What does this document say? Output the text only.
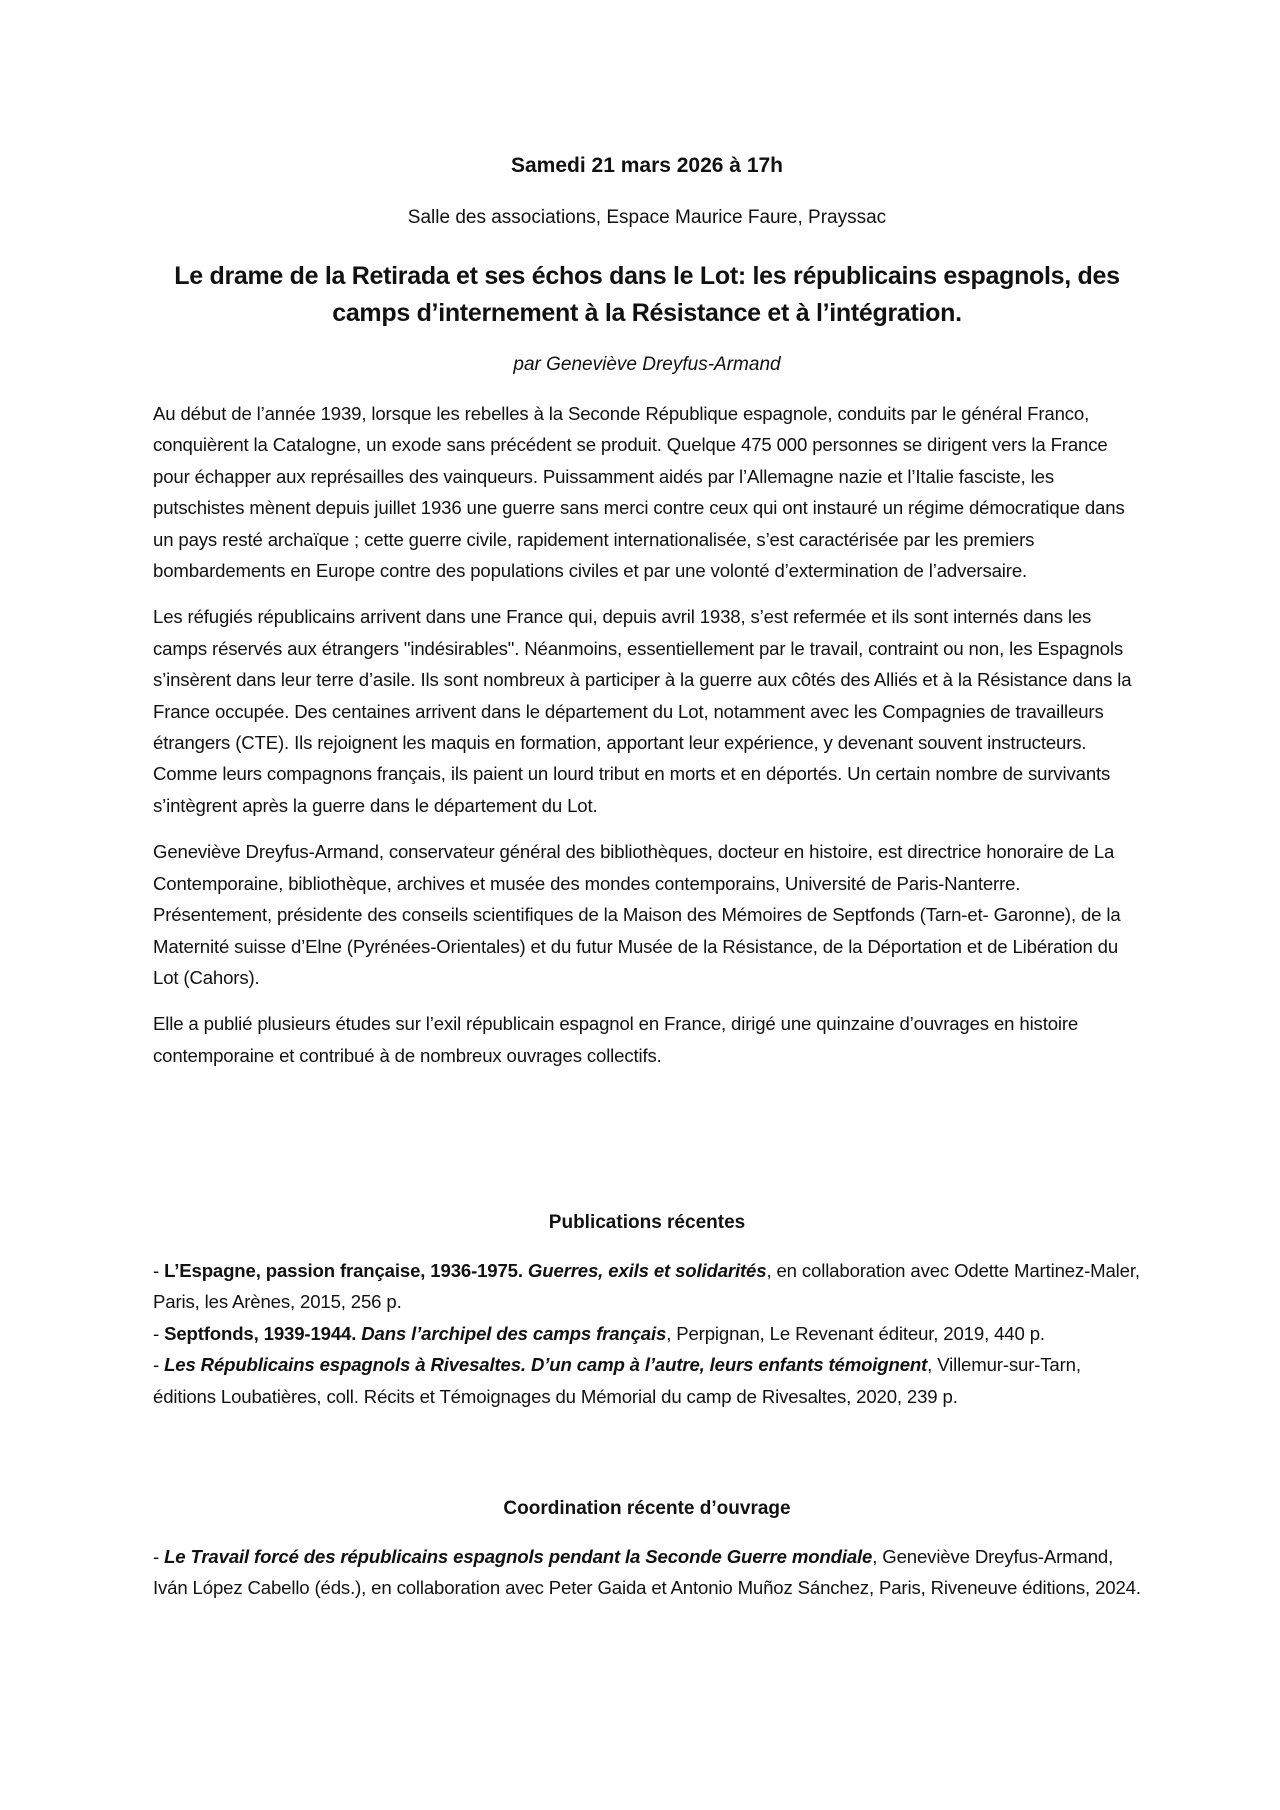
Samedi 21 mars 2026 à 17h
Salle des associations, Espace Maurice Faure, Prayssac
Le drame de la Retirada et ses échos dans le Lot: les républicains espagnols, des camps d’internement à la Résistance et à l’intégration.
par Geneviève Dreyfus-Armand

Au début de l’année 1939, lorsque les rebelles à la Seconde République espagnole, conduits par le général Franco, conquièrent la Catalogne, un exode sans précédent se produit. Quelque 475 000 personnes se dirigent vers la France pour échapper aux représailles des vainqueurs. Puissamment aidés par l’Allemagne nazie et l’Italie fasciste, les putschistes mènent depuis juillet 1936 une guerre sans merci contre ceux qui ont instauré un régime démocratique dans un pays resté archaïque ; cette guerre civile, rapidement internationalisée, s’est caractérisée par les premiers bombardements en Europe contre des populations civiles et par une volonté d’extermination de l’adversaire.

Les réfugiés républicains arrivent dans une France qui, depuis avril 1938, s’est refermée et ils sont internés dans les camps réservés aux étrangers "indésirables". Néanmoins, essentiellement par le travail, contraint ou non, les Espagnols s’insèrent dans leur terre d’asile. Ils sont nombreux à participer à la guerre aux côtés des Alliés et à la Résistance dans la France occupée. Des centaines arrivent dans le département du Lot, notamment avec les Compagnies de travailleurs étrangers (CTE). Ils rejoignent les maquis en formation, apportant leur expérience, y devenant souvent instructeurs. Comme leurs compagnons français, ils paient un lourd tribut en morts et en déportés. Un certain nombre de survivants s’intègrent après la guerre dans le département du Lot.

Geneviève Dreyfus-Armand, conservateur général des bibliothèques, docteur en histoire, est directrice honoraire de La Contemporaine, bibliothèque, archives et musée des mondes contemporains, Université de Paris-Nanterre. Présentement, présidente des conseils scientifiques de la Maison des Mémoires de Septfonds (Tarn-et- Garonne), de la Maternité suisse d’Elne (Pyrénées-Orientales) et du futur Musée de la Résistance, de la Déportation et de Libération du Lot (Cahors).

Elle a publié plusieurs études sur l’exil républicain espagnol en France, dirigé une quinzaine d’ouvrages en histoire contemporaine et contribué à de nombreux ouvrages collectifs.

Publications récentes
- L’Espagne, passion française, 1936-1975. Guerres, exils et solidarités, en collaboration avec Odette Martinez-Maler, Paris, les Arènes, 2015, 256 p.
- Septfonds, 1939-1944. Dans l’archipel des camps français, Perpignan, Le Revenant éditeur, 2019, 440 p.
- Les Républicains espagnols à Rivesaltes. D’un camp à l’autre, leurs enfants témoignent, Villemur-sur-Tarn, éditions Loubatières, coll. Récits et Témoignages du Mémorial du camp de Rivesaltes, 2020, 239 p.
Coordination récente d’ouvrage
- Le Travail forcé des républicains espagnols pendant la Seconde Guerre mondiale, Geneviève Dreyfus-Armand, Iván López Cabello (éds.), en collaboration avec Peter Gaida et Antonio Muñoz Sánchez, Paris, Riveneuve éditions, 2024.
